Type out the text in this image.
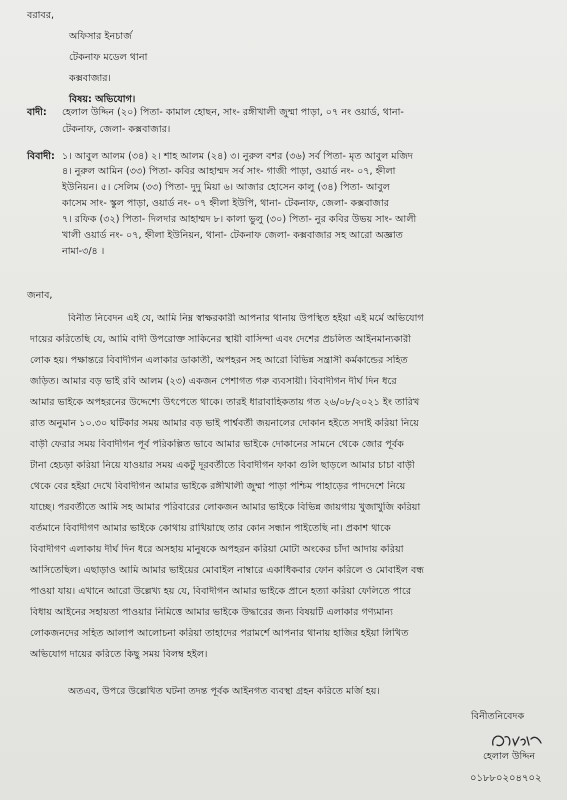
বরাবর,
অফিসার ইনচার্জ
টেকনাফ মডেল থানা
কক্সবাজার।
বিষয়: অভিযোগ।
বাদী: হেলাল উদ্দিন (২০) পিতা- কামাল হোছন, সাং- রঙ্গীখালী জুম্মা পাড়া, ০৭ নং ওয়ার্ড, থানা-
টেকনাফ, জেলা- কক্সবাজার।
বিবাদী: ১। আবুল আলম (৩৪) ২। শাহ আলম (২৪) ৩। নুরুল বশর (৩৬) সর্ব পিতা- মৃত আবুল মজিদ
৪। নুরুল আমিন (৩৩) পিতা- কবির আহাম্মদ সর্ব সাং- গাজী পাড়া, ওয়ার্ড নং- ০৭, হ্নীলা
ইউনিয়ন। ৫। সেলিম (৩৩) পিতা- দুদু মিয়া ৬। আজার হোসেন কালু (৩৪) পিতা- আবুল
কাসেম সাং- স্কুল পাড়া, ওয়ার্ড নং- ০৭ হ্নীলা ইউপি, থানা- টেকনাফ, জেলা- কক্সবাজার
৭। রফিক (৩২) পিতা- দিলদার আহাম্মদ ৮। কালা ভুলু (৩০) পিতা- নুর কবির উভয় সাং- আলী
খালী ওয়ার্ড নং- ০৭, হ্নীলা ইউনিয়ন, থানা- টেকনাফ জেলা- কক্সবাজার সহ আরো অজ্ঞাত
নামা-৩/৪ ।
জনাব,
বিনীত নিবেদন এই যে, আমি নিম্ন স্বাক্ষরকারী আপনার থানায় উপস্থিত হইয়া এই মর্মে অভিযোগ
দায়ের করিতেছি যে, আমি বাদী উপরোক্ত সাকিনের স্থায়ী বাসিন্দা এবং দেশের প্রচলিত আইনমান্যকারী
লোক হয়। পক্ষান্তরে বিবাদীগন এলাকার ডাকাতী, অপহরন সহ আরো বিভিন্ন সন্ত্রাসী কর্মকান্ডের সহিত
জড়িত। আমার বড় ভাই রবি আলম (২৩) একজন পেশাগত গরু ব্যবসায়ী। বিবাদীগন দীর্ঘ দিন ধরে
আমার ভাইকে অপহরনের উদ্দেশ্যে উৎপেতে থাকে। তারই ধারাবাহিকতায় গত ২৬/০৮/২০২১ ইং তারিখ
রাত অনুমান ১০.৩০ ঘটিকার সময় আমার বড় ভাই পার্শ্ববর্তী জয়নালের দোকান হইতে সদাই করিয়া নিয়ে
বাড়ী ফেরার সময় বিবাদীগন পূর্ব পরিকল্পিত ভাবে আমার ভাইকে দোকানের সামনে থেকে জোর পূর্বক
টানা হেচড়া করিয়া নিয়ে যাওয়ার সময় একটু দূরবর্তীতে বিবাদীগন ফাকা গুলি ছাড়লে আমার চাচা বাড়ী
থেকে বের হইয়া দেখে বিবাদীগন আমার ভাইকে রঙ্গীখালী জুম্মা পাড়া পশ্চিম পাহাড়ের পাদদেশে নিয়ে
যাচ্ছে। পরবর্তীতে আমি সহ আমার পরিবারের লোকজন আমার ভাইকে বিভিন্ন জায়গায় খুজাখুজি করিয়া
বর্তমানে বিবাদীগণ আমার ভাইকে কোথায় রাখিয়াছে তার কোন সন্ধান পাইতেছি না। প্রকাশ থাকে
বিবাদীগণ এলাকায় দীর্ঘ দিন ধরে অসহায় মানুষকে অপহরন করিয়া মোটা অংকের চাঁদা আদায় করিয়া
আসিতেছিল। এছাড়াও আমি আমার ভাইয়ের মোবাইল নাম্বারে একাধিকবার ফোন করিলে ও মোবাইল বন্ধ
পাওয়া যায়। এখানে আরো উল্লেখ্য হয় যে, বিবাদীগন আমার ভাইকে প্রানে হত্যা করিয়া ফেলিতে পারে
বিধায় আইনের সহায়তা পাওয়ার নিমিত্তে আমার ভাইকে উদ্ধারের জন্য বিষয়টি এলাকার গণ্যমান্য
লোকজনদের সহিত আলাপ আলোচনা করিয়া তাহাদের পরামর্শে আপনার থানায় হাজির হইয়া লিখিত
অভিযোগ দায়ের করিতে কিছু সময় বিলম্ব হইল।
অতএব, উপরে উল্লেখিত ঘটনা তদন্ত পূর্বক আইনগত ব্যবস্থা গ্রহন করিতে মর্জি হয়।
বিনীতনিবেদক
হেলাল উদ্দিন
০১৮৮০২০৪৭০২
